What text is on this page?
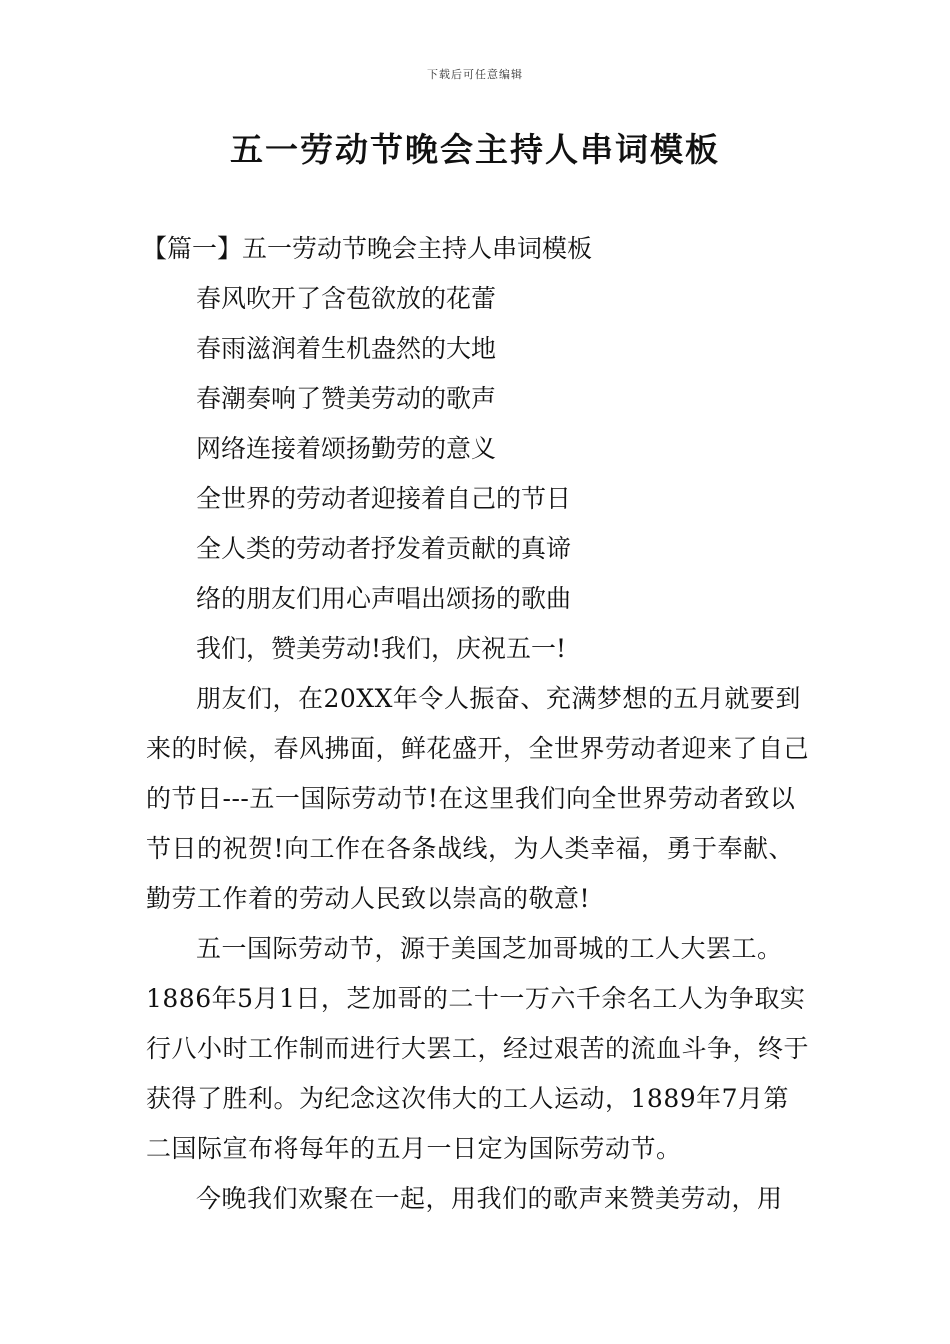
下载后可任意编辑
五一劳动节晚会主持人串词模板

【篇一】五一劳动节晚会主持人串词模板

春风吹开了含苞欲放的花蕾

春雨滋润着生机盎然的大地

春潮奏响了赞美劳动的歌声

网络连接着颂扬勤劳的意义

全世界的劳动者迎接着自己的节日

全人类的劳动者抒发着贡献的真谛

络的朋友们用心声唱出颂扬的歌曲

我们，赞美劳动!我们，庆祝五一!

朋友们，在20XX年令人振奋、充满梦想的五月就要到来的时候，春风拂面，鲜花盛开，全世界劳动者迎来了自己的节日---五一国际劳动节!在这里我们向全世界劳动者致以节日的祝贺!向工作在各条战线，为人类幸福，勇于奉献、勤劳工作着的劳动人民致以崇高的敬意!

五一国际劳动节，源于美国芝加哥城的工人大罢工。1886年5月1日，芝加哥的二十一万六千余名工人为争取实行八小时工作制而进行大罢工，经过艰苦的流血斗争，终于获得了胜利。为纪念这次伟大的工人运动，1889年7月第二国际宣布将每年的五月一日定为国际劳动节。

今晚我们欢聚在一起，用我们的歌声来赞美劳动，用
